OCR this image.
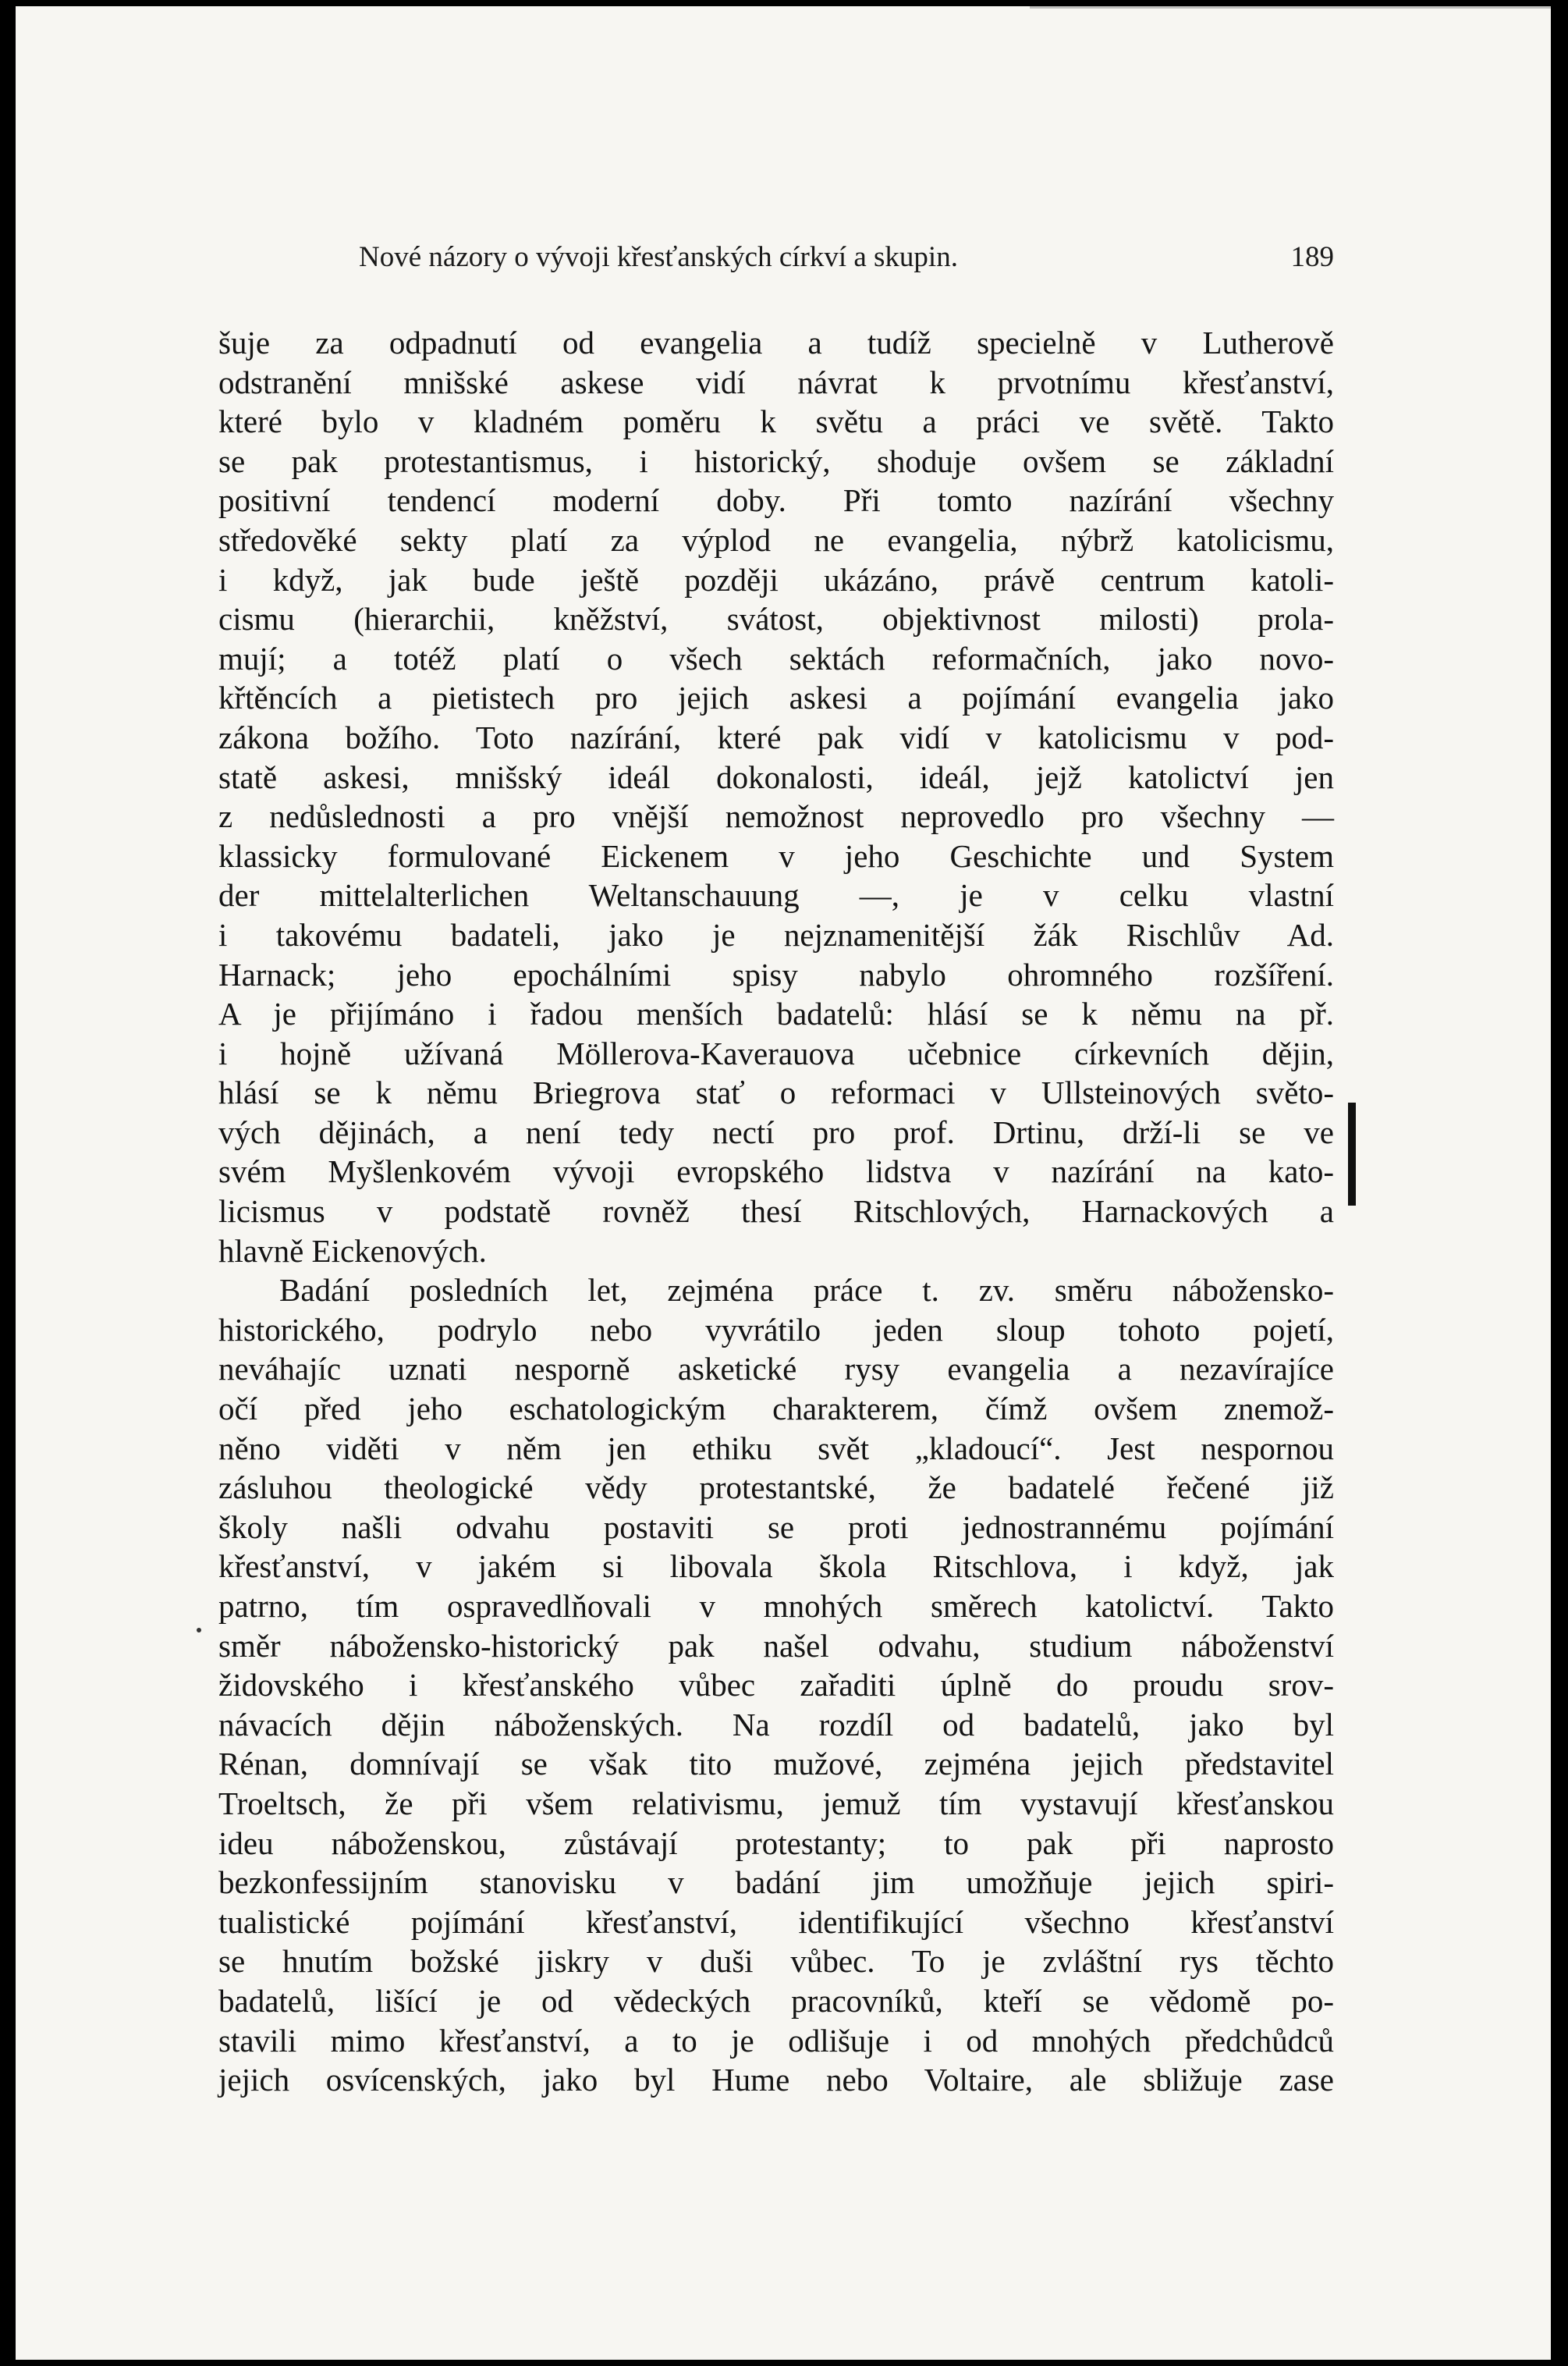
Nové názory o vývoji křesťanských církví a skupin.	189
šuje za odpadnutí od evangelia a tudíž specielně v Lutherově
odstranění mnišské askese vidí návrat k prvotnímu křesťanství,
které bylo v kladném poměru k světu a práci ve světě. Takto
se pak protestantismus, i historický, shoduje ovšem se základní
positivní tendencí moderní doby. Při tomto nazírání všechny
středověké sekty platí za výplod ne evangelia, nýbrž katolicismu,
i když, jak bude ještě později ukázáno, právě centrum katoli-
cismu (hierarchii, kněžství, svátost, objektivnost milosti) prola-
mují; a totéž platí o všech sektách reformačních, jako novo-
křtěncích a pietistech pro jejich askesi a pojímání evangelia jako
zákona božího. Toto nazírání, které pak vidí v katolicismu v pod-
statě askesi, mnišský ideál dokonalosti, ideál, jejž katolictví jen
z nedůslednosti a pro vnější nemožnost neprovedlo pro všechny —
klassicky formulované Eickenem v jeho Geschichte und System
der mittelalterlichen Weltanschauung —, je v celku vlastní
i takovému badateli, jako je nejznamenitější žák Rischlův Ad.
Harnack; jeho epochálními spisy nabylo ohromného rozšíření.
A je přijímáno i řadou menších badatelů: hlásí se k němu na př.
i hojně užívaná Möllerova-Kaverauova učebnice církevních dějin,
hlásí se k němu Briegrova stať o reformaci v Ullsteinových světo-
vých dějinách, a není tedy nectí pro prof. Drtinu, drží-li se ve
svém Myšlenkovém vývoji evropského lidstva v nazírání na kato-
licismus v podstatě rovněž thesí Ritschlových, Harnackových a
hlavně Eickenových.
Badání posledních let, zejména práce t. zv. směru nábožensko-
historického, podrylo nebo vyvrátilo jeden sloup tohoto pojetí,
neváhajíc uznati nesporně asketické rysy evangelia a nezavírajíce
očí před jeho eschatologickým charakterem, čímž ovšem znemož-
něno viděti v něm jen ethiku svět „kladoucí“. Jest nespornou
zásluhou theologické vědy protestantské, že badatelé řečené již
školy našli odvahu postaviti se proti jednostrannému pojímání
křesťanství, v jakém si libovala škola Ritschlova, i když, jak
patrno, tím ospravedlňovali v mnohých směrech katolictví. Takto
směr nábožensko-historický pak našel odvahu, studium náboženství
židovského i křesťanského vůbec zařaditi úplně do proudu srov-
návacích dějin náboženských. Na rozdíl od badatelů, jako byl
Rénan, domnívají se však tito mužové, zejména jejich představitel
Troeltsch, že při všem relativismu, jemuž tím vystavují křesťanskou
ideu náboženskou, zůstávají protestanty; to pak při naprosto
bezkonfessijním stanovisku v badání jim umožňuje jejich spiri-
tualistické pojímání křesťanství, identifikující všechno křesťanství
se hnutím božské jiskry v duši vůbec. To je zvláštní rys těchto
badatelů, lišící je od vědeckých pracovníků, kteří se vědomě po-
stavili mimo křesťanství, a to je odlišuje i od mnohých předchůdců
jejich osvícenských, jako byl Hume nebo Voltaire, ale sbližuje zase
